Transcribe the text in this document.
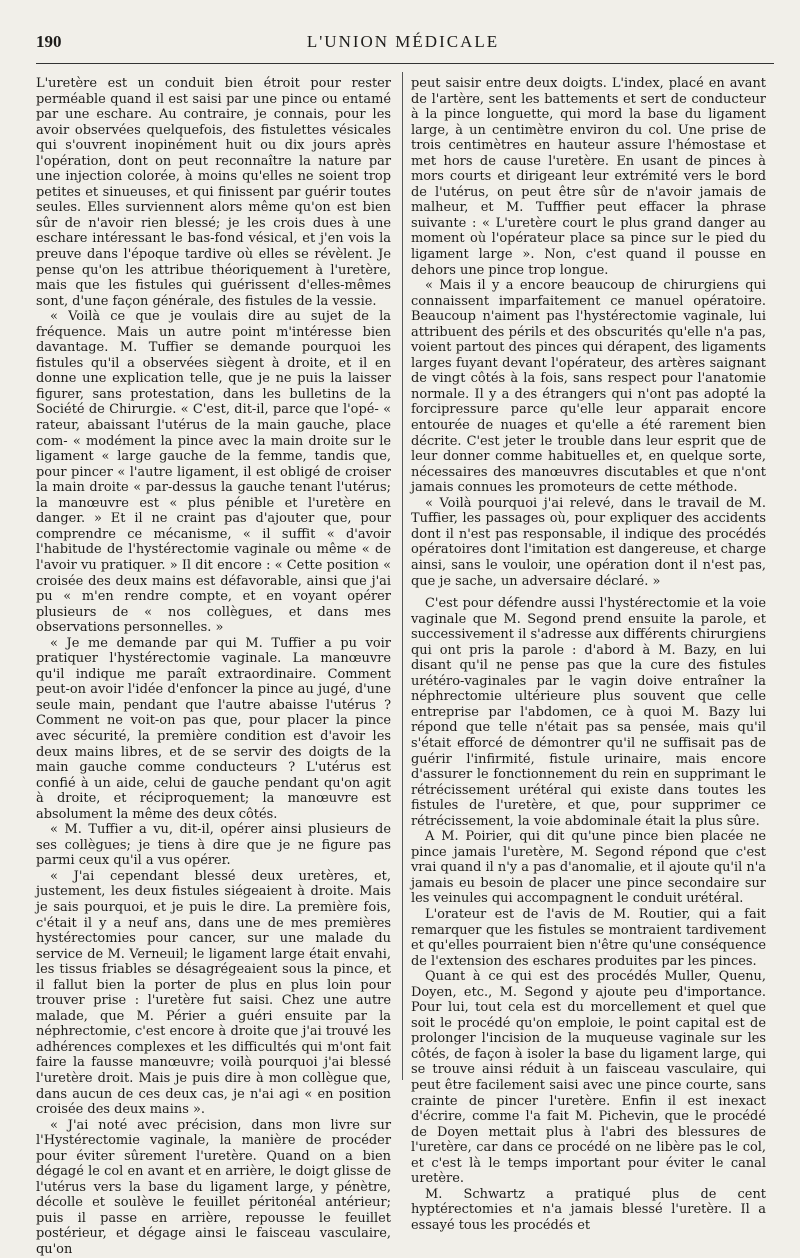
190	L'UNION MÉDICALE

L'uretère est un conduit bien étroit pour rester perméable quand il est saisi par une pince ou entamé par une eschare. Au contraire, je connais, pour les avoir observées quelquefois, des fistulettes vésicales qui s'ouvrent inopinément huit ou dix jours après l'opération, dont on peut reconnaître la nature par une injection colorée, à moins qu'elles ne soient trop petites et sinueuses, et qui finissent par guérir toutes seules. Elles surviennent alors même qu'on est bien sûr de n'avoir rien blessé; je les crois dues à une eschare intéressant le bas-fond vésical, et j'en vois la preuve dans l'époque tardive où elles se révèlent. Je pense qu'on les attribue théoriquement à l'uretère, mais que les fistules qui guérissent d'elles-mêmes sont, d'une façon générale, des fistules de la vessie.

« Voilà ce que je voulais dire au sujet de la fréquence. Mais un autre point m'intéresse bien davantage. M. Tuffier se demande pourquoi les fistules qu'il a observées siègent à droite, et il en donne une explication telle, que je ne puis la laisser figurer, sans protestation, dans les bulletins de la Société de Chirurgie. « C'est, dit-il, parce que l'opé- « rateur, abaissant l'utérus de la main gauche, place com- « modément la pince avec la main droite sur le ligament « large gauche de la femme, tandis que, pour pincer « l'autre ligament, il est obligé de croiser la main droite « par-dessus la gauche tenant l'utérus; la manœuvre est « plus pénible et l'uretère en danger. » Et il ne craint pas d'ajouter que, pour comprendre ce mécanisme, « il suffit « d'avoir l'habitude de l'hystérectomie vaginale ou même « de l'avoir vu pratiquer. » Il dit encore : « Cette position « croisée des deux mains est défavorable, ainsi que j'ai pu « m'en rendre compte, et en voyant opérer plusieurs de « nos collègues, et dans mes observations personnelles. »

« Je me demande par qui M. Tuffier a pu voir pratiquer l'hystérectomie vaginale. La manœuvre qu'il indique me paraît extraordinaire. Comment peut-on avoir l'idée d'enfoncer la pince au jugé, d'une seule main, pendant que l'autre abaisse l'utérus ? Comment ne voit-on pas que, pour placer la pince avec sécurité, la première condition est d'avoir les deux mains libres, et de se servir des doigts de la main gauche comme conducteurs ? L'utérus est confié à un aide, celui de gauche pendant qu'on agit à droite, et réciproquement; la manœuvre est absolument la même des deux côtés.

« M. Tuffier a vu, dit-il, opérer ainsi plusieurs de ses collègues; je tiens à dire que je ne figure pas parmi ceux qu'il a vus opérer.

« J'ai cependant blessé deux uretères, et, justement, les deux fistules siégeaient à droite. Mais je sais pourquoi, et je puis le dire. La première fois, c'était il y a neuf ans, dans une de mes premières hystérectomies pour cancer, sur une malade du service de M. Verneuil; le ligament large était envahi, les tissus friables se désagrégeaient sous la pince, et il fallut bien la porter de plus en plus loin pour trouver prise : l'uretère fut saisi. Chez une autre malade, que M. Périer a guéri ensuite par la néphrectomie, c'est encore à droite que j'ai trouvé les adhérences complexes et les difficultés qui m'ont fait faire la fausse manœuvre; voilà pourquoi j'ai blessé l'uretère droit. Mais je puis dire à mon collègue que, dans aucun de ces deux cas, je n'ai agi « en position croisée des deux mains ».

« J'ai noté avec précision, dans mon livre sur l'Hystérectomie vaginale, la manière de procéder pour éviter sûrement l'uretère. Quand on a bien dégagé le col en avant et en arrière, le doigt glisse de l'utérus vers la base du ligament large, y pénètre, décolle et soulève le feuillet péritonéal antérieur; puis il passe en arrière, repousse le feuillet postérieur, et dégage ainsi le faisceau vasculaire, qu'on

peut saisir entre deux doigts. L'index, placé en avant de l'artère, sent les battements et sert de conducteur à la pince longuette, qui mord la base du ligament large, à un centimètre environ du col. Une prise de trois centimètres en hauteur assure l'hémostase et met hors de cause l'uretère. En usant de pinces à mors courts et dirigeant leur extrémité vers le bord de l'utérus, on peut être sûr de n'avoir jamais de malheur, et M. Tufffier peut effacer la phrase suivante : « L'uretère court le plus grand danger au moment où l'opérateur place sa pince sur le pied du ligament large ». Non, c'est quand il pousse en dehors une pince trop longue.

« Mais il y a encore beaucoup de chirurgiens qui connaissent imparfaitement ce manuel opératoire. Beaucoup n'aiment pas l'hystérectomie vaginale, lui attribuent des périls et des obscurités qu'elle n'a pas, voient partout des pinces qui dérapent, des ligaments larges fuyant devant l'opérateur, des artères saignant de vingt côtés à la fois, sans respect pour l'anatomie normale. Il y a des étrangers qui n'ont pas adopté la forcipressure parce qu'elle leur apparait encore entourée de nuages et qu'elle a été rarement bien décrite. C'est jeter le trouble dans leur esprit que de leur donner comme habituelles et, en quelque sorte, nécessaires des manœuvres discutables et que n'ont jamais connues les promoteurs de cette méthode.

« Voilà pourquoi j'ai relevé, dans le travail de M. Tuffier, les passages où, pour expliquer des accidents dont il n'est pas responsable, il indique des procédés opératoires dont l'imitation est dangereuse, et charge ainsi, sans le vouloir, une opération dont il n'est pas, que je sache, un adversaire déclaré. »

C'est pour défendre aussi l'hystérectomie et la voie vaginale que M. Segond prend ensuite la parole, et successivement il s'adresse aux différents chirurgiens qui ont pris la parole : d'abord à M. Bazy, en lui disant qu'il ne pense pas que la cure des fistules urétéro-vaginales par le vagin doive entraîner la néphrectomie ultérieure plus souvent que celle entreprise par l'abdomen, ce à quoi M. Bazy lui répond que telle n'était pas sa pensée, mais qu'il s'était efforcé de démontrer qu'il ne suffisait pas de guérir l'infirmité, fistule urinaire, mais encore d'assurer le fonctionnement du rein en supprimant le rétrécissement urétéral qui existe dans toutes les fistules de l'uretère, et que, pour supprimer ce rétrécissement, la voie abdominale était la plus sûre.

A M. Poirier, qui dit qu'une pince bien placée ne pince jamais l'uretère, M. Segond répond que c'est vrai quand il n'y a pas d'anomalie, et il ajoute qu'il n'a jamais eu besoin de placer une pince secondaire sur les veinules qui accompagnent le conduit urétéral.

L'orateur est de l'avis de M. Routier, qui a fait remarquer que les fistules se montraient tardivement et qu'elles pourraient bien n'être qu'une conséquence de l'extension des eschares produites par les pinces.

Quant à ce qui est des procédés Muller, Quenu, Doyen, etc., M. Segond y ajoute peu d'importance. Pour lui, tout cela est du morcellement et quel que soit le procédé qu'on emploie, le point capital est de prolonger l'incision de la muqueuse vaginale sur les côtés, de façon à isoler la base du ligament large, qui se trouve ainsi réduit à un faisceau vasculaire, qui peut être facilement saisi avec une pince courte, sans crainte de pincer l'uretère. Enfin il est inexact d'écrire, comme l'a fait M. Pichevin, que le procédé de Doyen mettait plus à l'abri des blessures de l'uretère, car dans ce procédé on ne libère pas le col, et c'est là le temps important pour éviter le canal uretère.

M. Schwartz a pratiqué plus de cent hyptérectomies et n'a jamais blessé l'uretère. Il a essayé tous les procédés et
